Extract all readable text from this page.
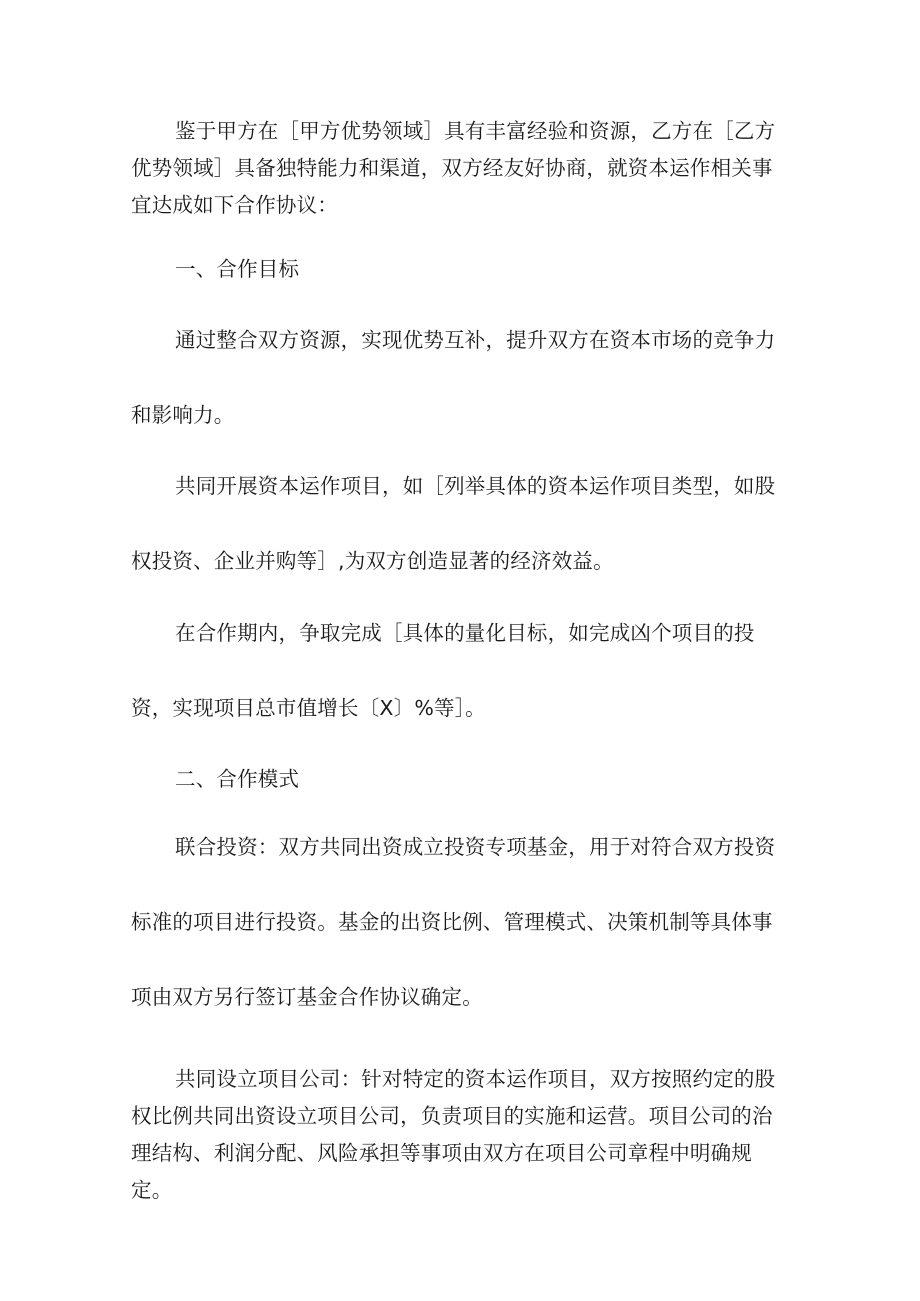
鉴于甲方在［甲方优势领域］具有丰富经验和资源，乙方在［乙方优势领域］具备独特能力和渠道，双方经友好协商，就资本运作相关事宜达成如下合作协议：

一、合作目标

通过整合双方资源，实现优势互补，提升双方在资本市场的竞争力和影响力。

共同开展资本运作项目，如［列举具体的资本运作项目类型，如股权投资、企业并购等］,为双方创造显著的经济效益。

在合作期内，争取完成［具体的量化目标，如完成凶个项目的投资，实现项目总市值增长〔X〕%等］。

二、合作模式

联合投资：双方共同出资成立投资专项基金，用于对符合双方投资标准的项目进行投资。基金的出资比例、管理模式、决策机制等具体事项由双方另行签订基金合作协议确定。

共同设立项目公司：针对特定的资本运作项目，双方按照约定的股权比例共同出资设立项目公司，负责项目的实施和运营。项目公司的治理结构、利润分配、风险承担等事项由双方在项目公司章程中明确规定。
